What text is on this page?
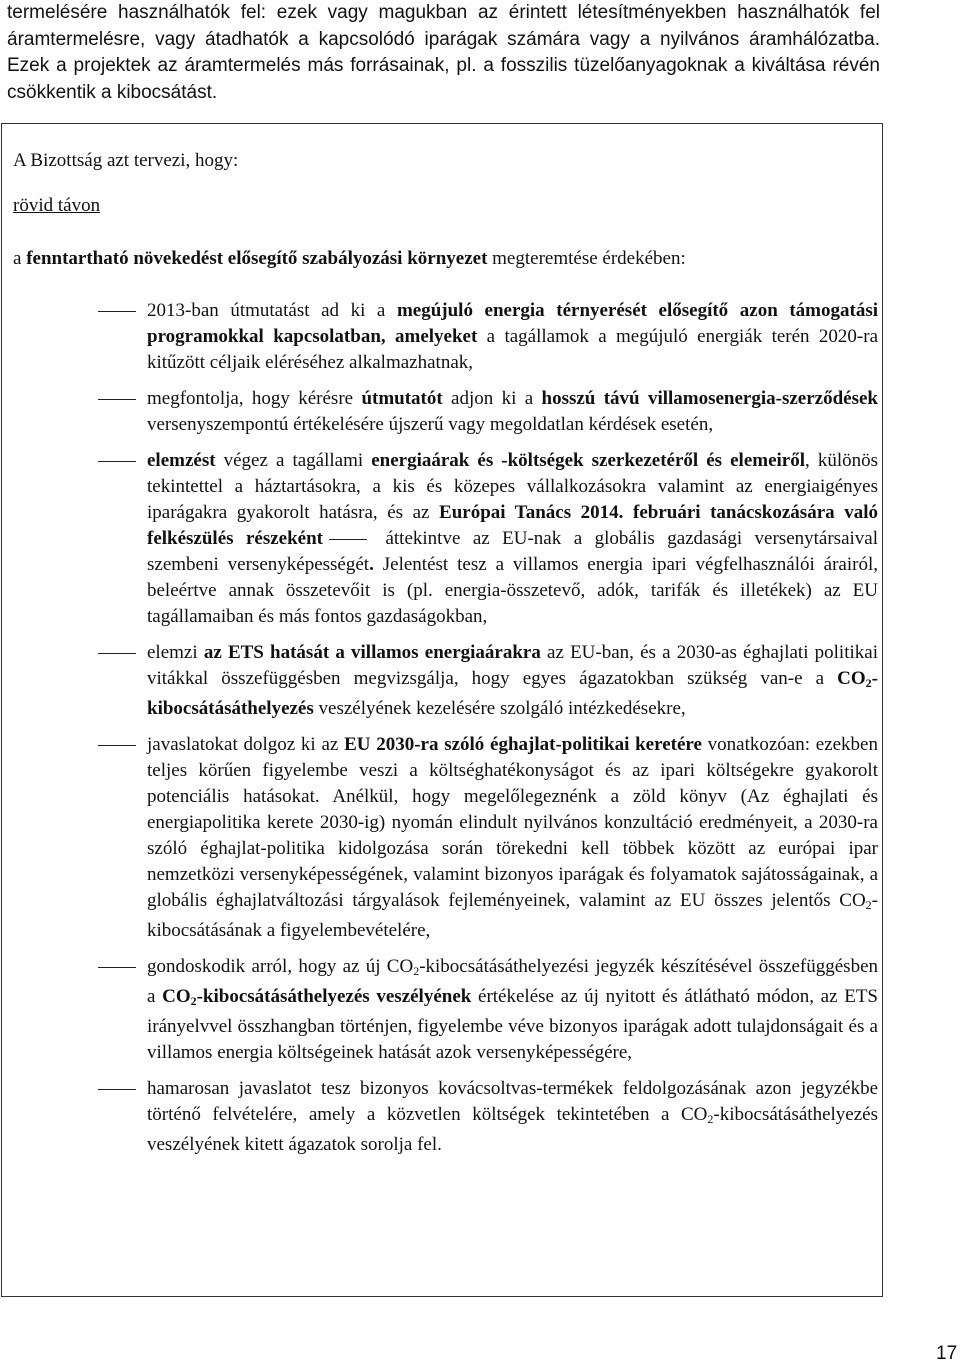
termelésére használhatók fel: ezek vagy magukban az érintett létesítményekben használhatók fel áramtermelésre, vagy átadhatók a kapcsolódó iparágak számára vagy a nyilvános áramhálózatba. Ezek a projektek az áramtermelés más forrásainak, pl. a fosszilis tüzelőanyagoknak a kiváltása révén csökkentik a kibocsátást.

A Bizottság azt tervezi, hogy:

rövid távon

a fenntartható növekedést elősegítő szabályozási környezet megteremtése érdekében:

2013-ban útmutatást ad ki a megújuló energia térnyerését elősegítő azon támogatási programokkal kapcsolatban, amelyeket a tagállamok a megújuló energiák terén 2020-ra kitűzött céljaik eléréséhez alkalmazhatnak,
megfontolja, hogy kérésre útmutatót adjon ki a hosszú távú villamosenergia-szerződések versenyszempontú értékelésére újszerű vagy megoldatlan kérdések esetén,
elemzést végez a tagállami energiaárak és -költségek szerkezetéről és elemeiről, különös tekintettel a háztartásokra, a kis és közepes vállalkozásokra valamint az energiaigényes iparágakra gyakorolt hatásra, és az Európai Tanács 2014. februári tanácskozására való felkészülés részeként	áttekintve az EU-nak a globális gazdasági versenytársaival szembeni versenyképességét. Jelentést tesz a villamos energia ipari végfelhasználói árairól, beleértve annak összetevőit is (pl. energia-összetevő, adók, tarifák és illetékek) az EU tagállamaiban és más fontos gazdaságokban,
elemzi az ETS hatását a villamos energiaárakra az EU-ban, és a 2030-as éghajlati politikai vitákkal összefüggésben megvizsgálja, hogy egyes ágazatokban szükség van-e a $CO_2$-kibocsátásáthelyezés veszélyének kezelésére szolgáló intézkedésekre,
javaslatokat dolgoz ki az EU 2030-ra szóló éghajlat-politikai keretére vonatkozóan: ezekben teljes körűen figyelembe veszi a költséghatékonyságot és az ipari költségekre gyakorolt potenciális hatásokat. Anélkül, hogy megelőlegeznénk a zöld könyv (Az éghajlati és energiapolitika kerete 2030-ig) nyomán elindult nyilvános konzultáció eredményeit, a 2030-ra szóló éghajlat-politika kidolgozása során törekedni kell többek között az európai ipar nemzetközi versenyképességének, valamint bizonyos iparágak és folyamatok sajátosságainak, a globális éghajlatváltozási tárgyalások fejleményeinek, valamint az EU összes jelentős $CO_2$-kibocsátásának a figyelembevételére,
gondoskodik arról, hogy az új $CO_2$-kibocsátásáthelyezési jegyzék készítésével összefüggésben a $CO_2$-kibocsátásáthelyezés veszélyének értékelése az új nyitott és átlátható módon, az ETS irányelvvel összhangban történjen, figyelembe véve bizonyos iparágak adott tulajdonságait és a villamos energia költségeinek hatását azok versenyképességére,
hamarosan javaslatot tesz bizonyos kovácsoltvas-termékek feldolgozásának azon jegyzékbe történő felvételére, amely a közvetlen költségek tekintetében a $CO_2$-kibocsátásáthelyezés veszélyének kitett ágazatok sorolja fel.
17
